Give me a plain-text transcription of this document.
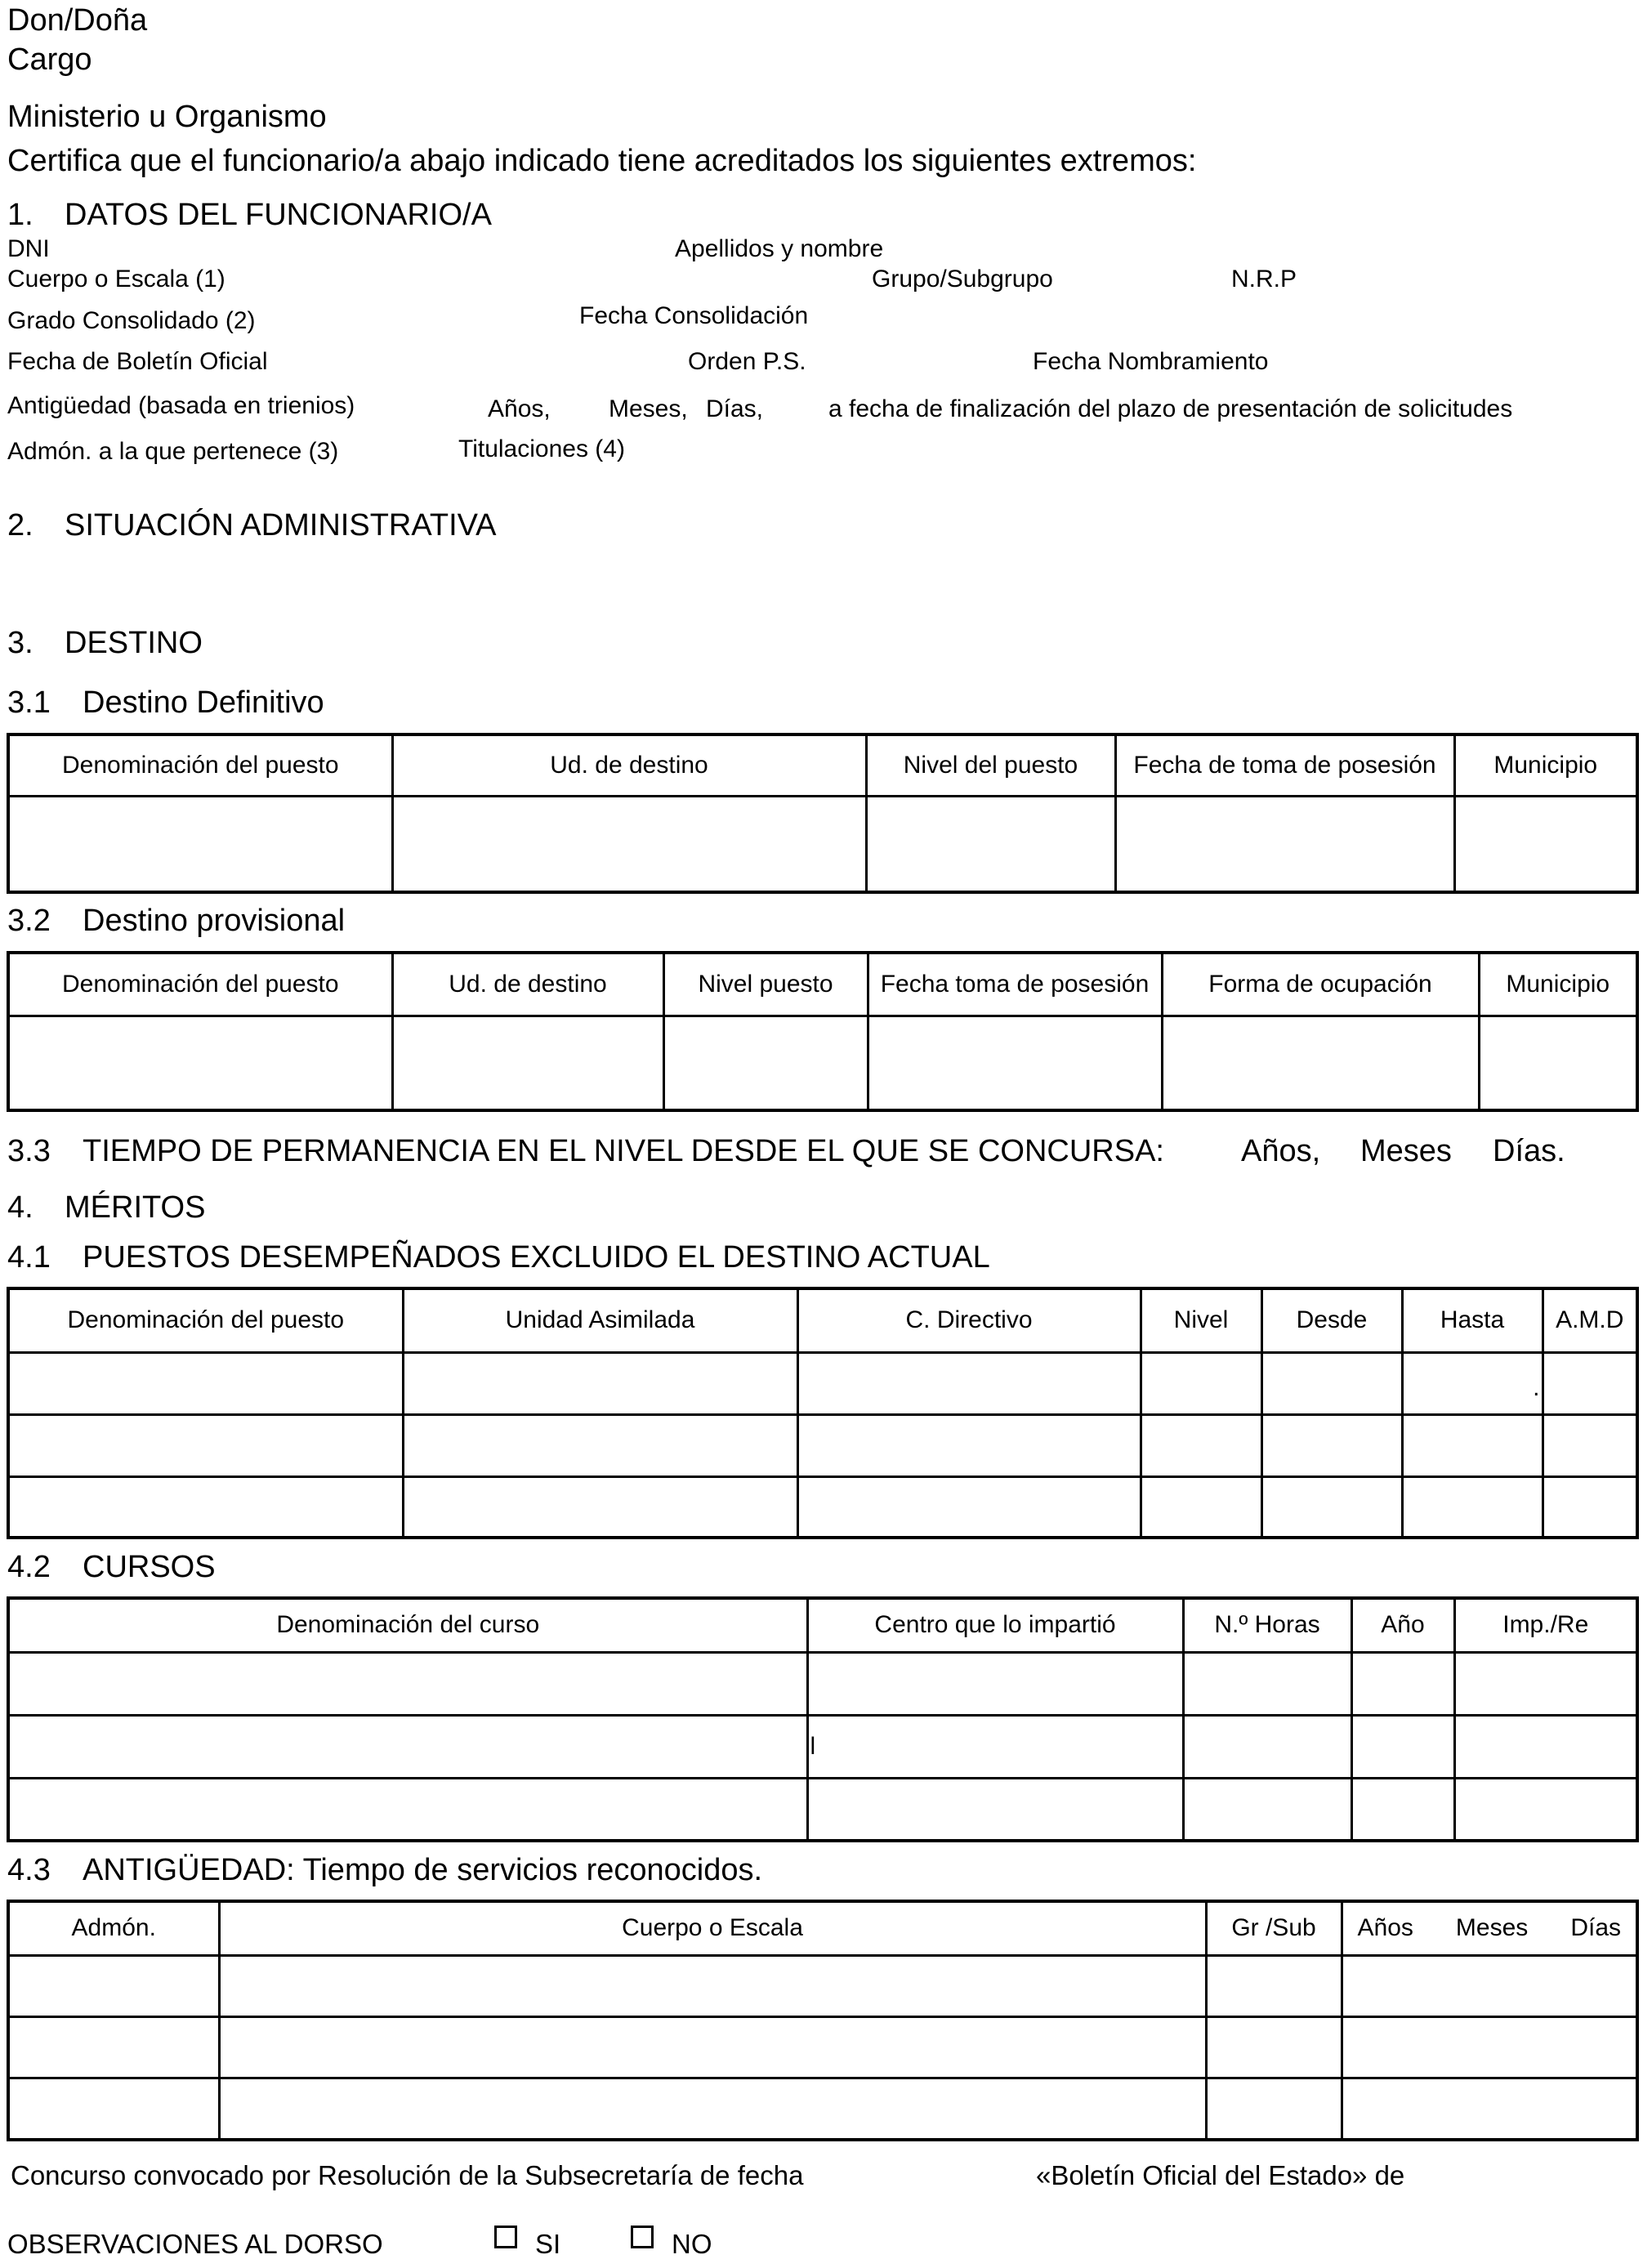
Don/Doña
Cargo
Ministerio u Organismo
Certifica que el funcionario/a abajo indicado tiene acreditados los siguientes extremos:
1. DATOS DEL FUNCIONARIO/A
DNI	Apellidos y nombre
Cuerpo o Escala (1)	Grupo/Subgrupo	N.R.P
Grado Consolidado (2)	Fecha Consolidación
Fecha de Boletín Oficial	Orden P.S.	Fecha Nombramiento
Antigüedad (basada en trienios)	Años, Meses, Días,	a fecha de finalización del plazo de presentación de solicitudes
Admón. a la que pertenece (3)	Titulaciones (4)
2. SITUACIÓN ADMINISTRATIVA
3. DESTINO
3.1 Destino Definitivo
Denominación del puesto	Ud. de destino	Nivel del puesto	Fecha de toma de posesión	Municipio

3.2 Destino provisional
Denominación del puesto	Ud. de destino	Nivel puesto	Fecha toma de posesión	Forma de ocupación	Municipio

3.3 TIEMPO DE PERMANENCIA EN EL NIVEL DESDE EL QUE SE CONCURSA: Años, Meses Días.
4. MÉRITOS
4.1 PUESTOS DESEMPEÑADOS EXCLUIDO EL DESTINO ACTUAL
Denominación del puesto	Unidad Asimilada	C. Directivo	Nivel	Desde	Hasta	A.M.D
					.	

4.2 CURSOS
Denominación del curso	Centro que lo impartió	N.º Horas	Año	Imp./Re

	l			

4.3 ANTIGÜEDAD: Tiempo de servicios reconocidos.
Admón.	Cuerpo o Escala	Gr /Sub	Años Meses Días

Concurso convocado por Resolución de la Subsecretaría de fecha	«Boletín Oficial del Estado» de
OBSERVACIONES AL DORSO	SI	NO
